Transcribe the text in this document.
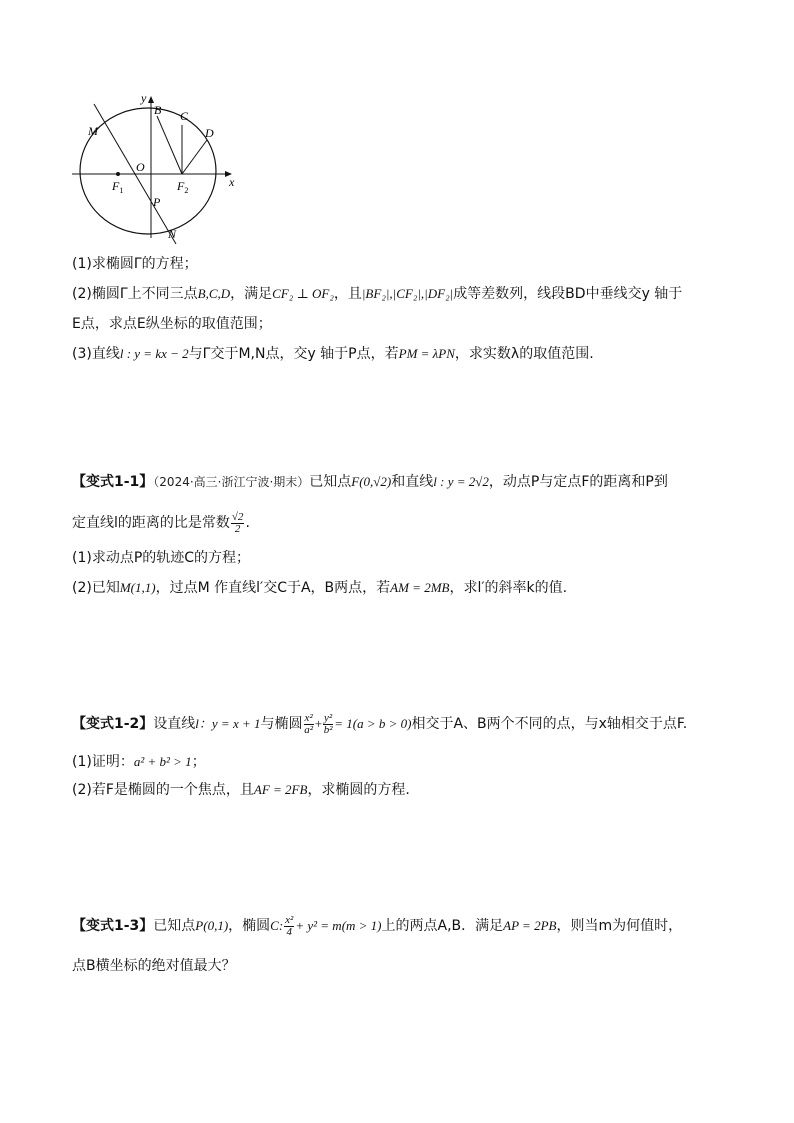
y
x
B C
D
M
O
$F_1$	$F_2$
P
N
(1)求椭圆Γ的方程；
(2)椭圆Γ上不同三点B,C,D，满足CF₂ ⊥ OF₂，且|BF₂|,|CF₂|,|DF₂|成等差数列，线段BD中垂线交y 轴于
E点，求点E纵坐标的取值范围；
(3)直线l : y = kx − 2与Γ交于M,N点，交y 轴于P点，若PM = λPN，求实数λ的取值范围.
【变式1-1】（2024·高三·浙江宁波·期末）已知点F(0,√2)和直线l : y = 2√2，动点P与定点F的距离和P到
定直线l的距离的比是常数 $\frac{√2}{2}$ .
(1)求动点P的轨迹C的方程；
(2)已知M(1,1)，过点M 作直线l′交C于A，B两点，若AM = 2MB，求l′的斜率k的值.
【变式1-2】设直线l：y = x + 1与椭圆 $\frac{\text{x²}}{\text{a²}} + \frac{\text{y²}}{\text{b²}} = 1(a > b > 0)$相交于A、B两个不同的点，与x轴相交于点F.
(1)证明：a² + b² > 1；
(2)若F是椭圆的一个焦点，且AF = 2FB，求椭圆的方程.
【变式1-3】已知点P(0,1)，椭圆C: $\frac{\text{x²}}{4} + y^2 = m(m > 1)$上的两点A,B．满足AP = 2PB，则当m为何值时，
点B横坐标的绝对值最大？
